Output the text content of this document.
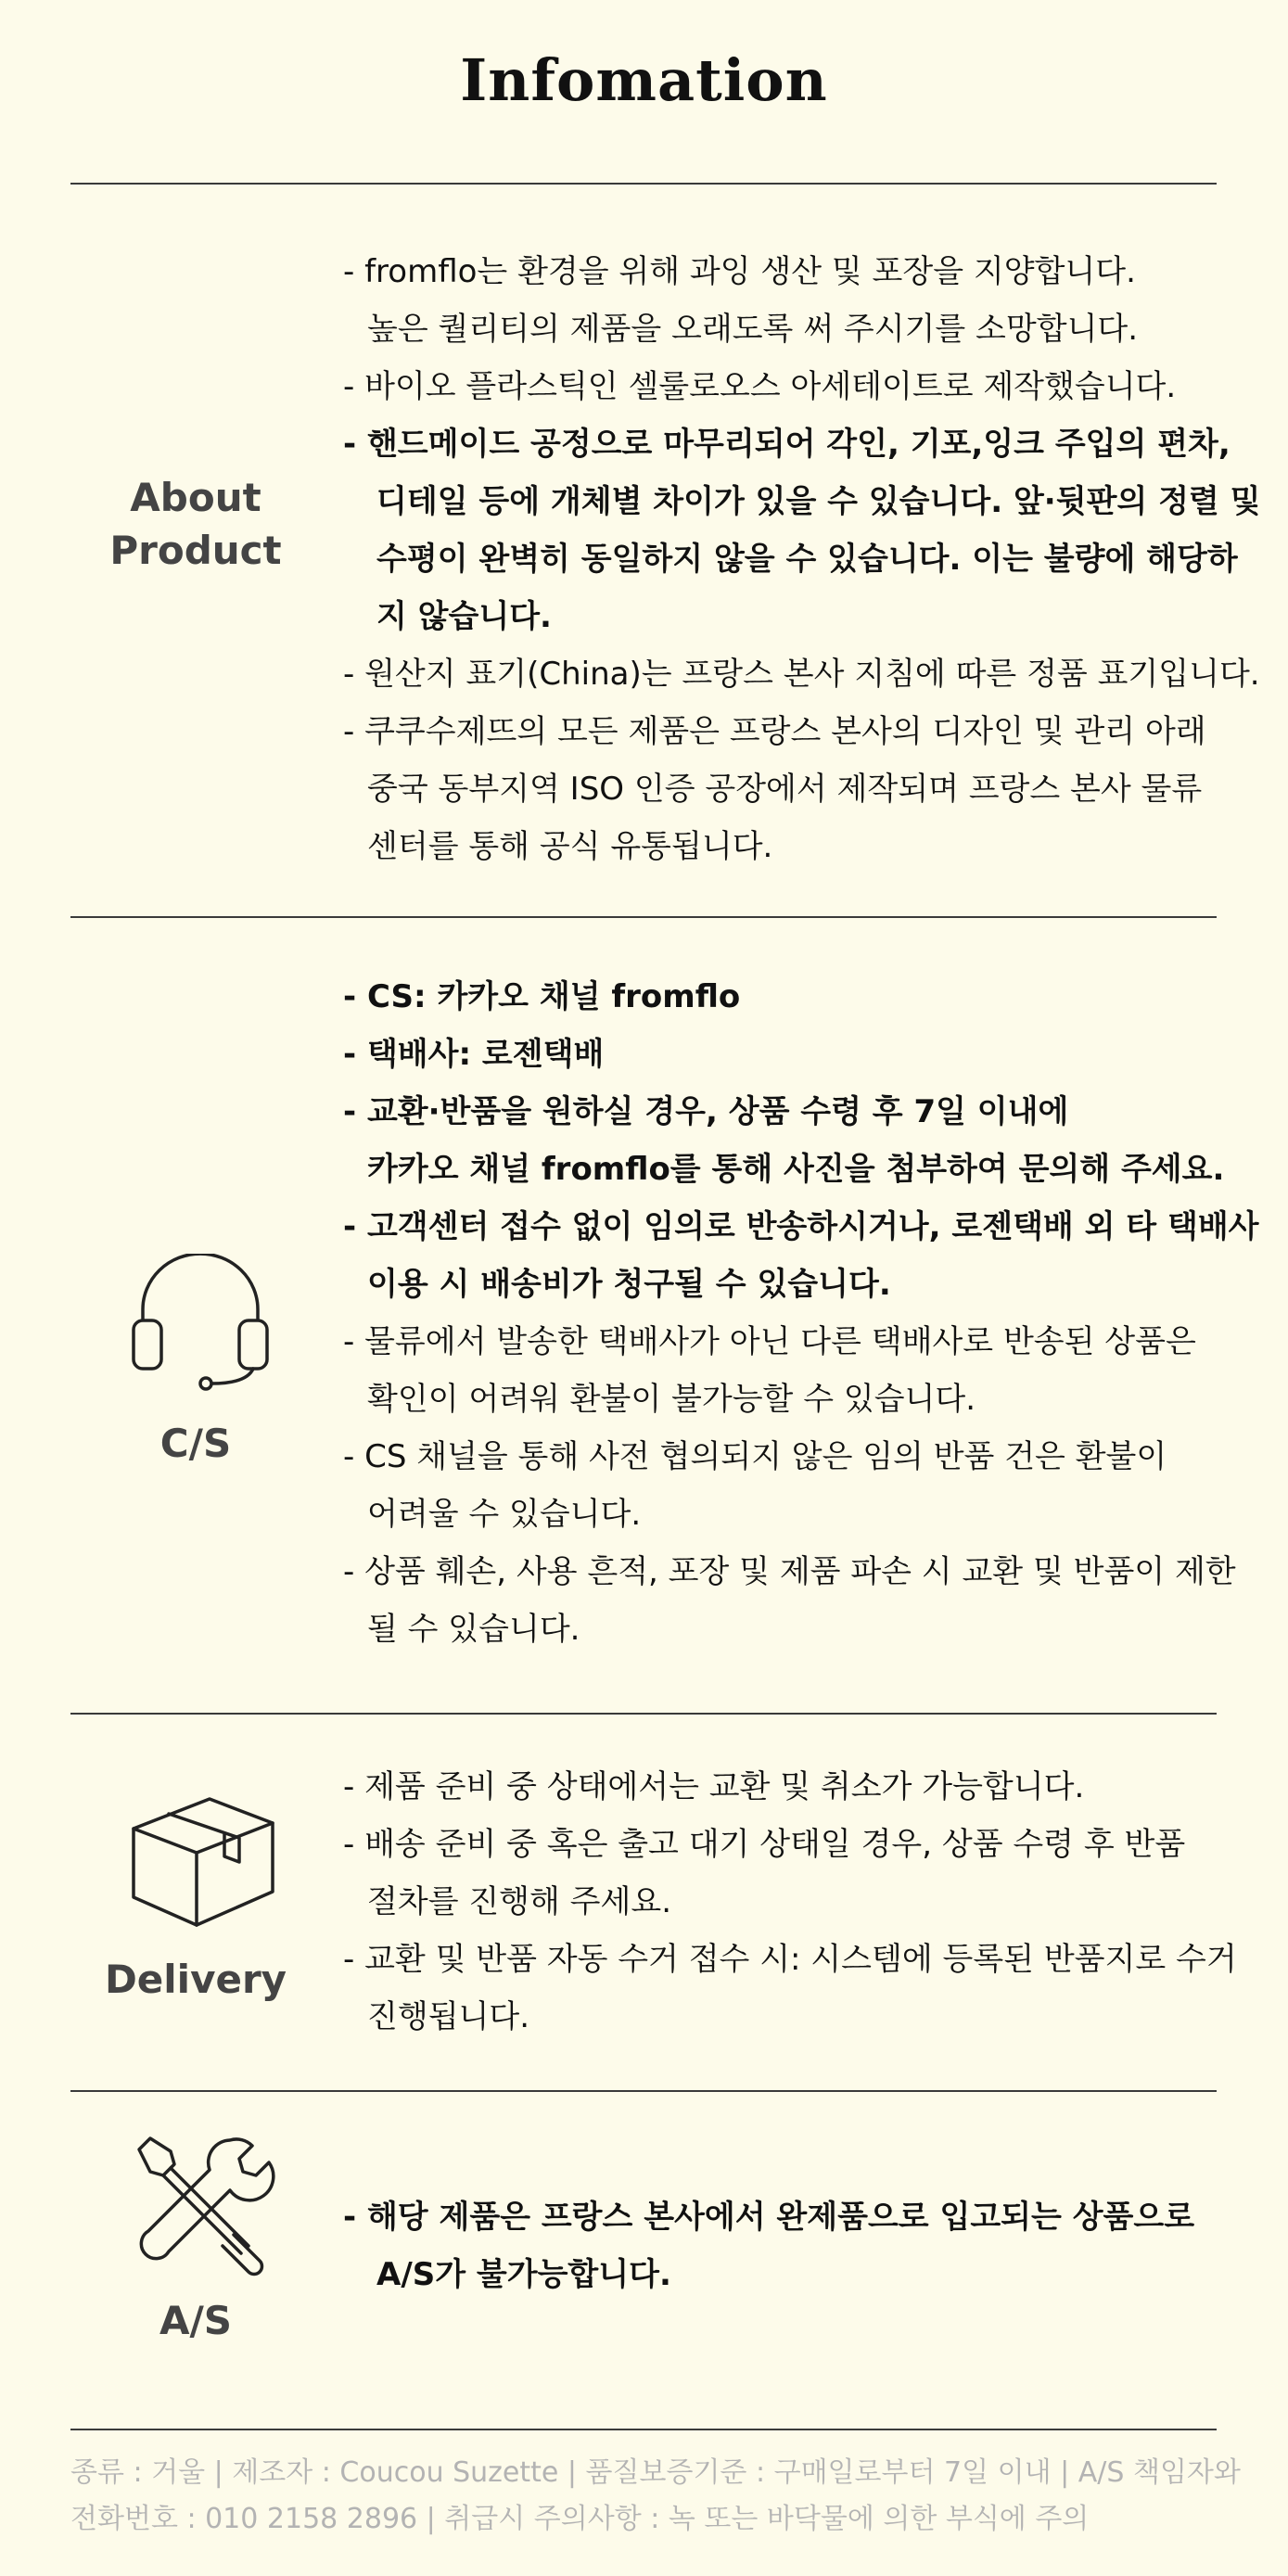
Infomation
About
Product
- fromflo는 환경을 위해 과잉 생산 및 포장을 지양합니다.
높은 퀄리티의 제품을 오래도록 써 주시기를 소망합니다.
- 바이오 플라스틱인 셀룰로오스 아세테이트로 제작했습니다.
- 핸드메이드 공정으로 마무리되어 각인, 기포,잉크 주입의 편차,
디테일 등에 개체별 차이가 있을 수 있습니다. 앞·뒷판의 정렬 및
수평이 완벽히 동일하지 않을 수 있습니다. 이는 불량에 해당하
지 않습니다.
- 원산지 표기(China)는 프랑스 본사 지침에 따른 정품 표기입니다.
- 쿠쿠수제뜨의 모든 제품은 프랑스 본사의 디자인 및 관리 아래
중국 동부지역 ISO 인증 공장에서 제작되며 프랑스 본사 물류
센터를 통해 공식 유통됩니다.
C/S
- CS: 카카오 채널 fromflo
- 택배사: 로젠택배
- 교환·반품을 원하실 경우, 상품 수령 후 7일 이내에
카카오 채널 fromflo를 통해 사진을 첨부하여 문의해 주세요.
- 고객센터 접수 없이 임의로 반송하시거나, 로젠택배 외 타 택배사
이용 시 배송비가 청구될 수 있습니다.
- 물류에서 발송한 택배사가 아닌 다른 택배사로 반송된 상품은
확인이 어려워 환불이 불가능할 수 있습니다.
- CS 채널을 통해 사전 협의되지 않은 임의 반품 건은 환불이
어려울 수 있습니다.
- 상품 훼손, 사용 흔적, 포장 및 제품 파손 시 교환 및 반품이 제한
될 수 있습니다.
Delivery
- 제품 준비 중 상태에서는 교환 및 취소가 가능합니다.
- 배송 준비 중 혹은 출고 대기 상태일 경우, 상품 수령 후 반품
절차를 진행해 주세요.
- 교환 및 반품 자동 수거 접수 시: 시스템에 등록된 반품지로 수거
진행됩니다.
A/S
- 해당 제품은 프랑스 본사에서 완제품으로 입고되는 상품으로
A/S가 불가능합니다.
종류 : 거울 | 제조자 : Coucou Suzette | 품질보증기준 : 구매일로부터 7일 이내 | A/S 책임자와
전화번호 : 010 2158 2896 | 취급시 주의사항 : 녹 또는 바닥물에 의한 부식에 주의
